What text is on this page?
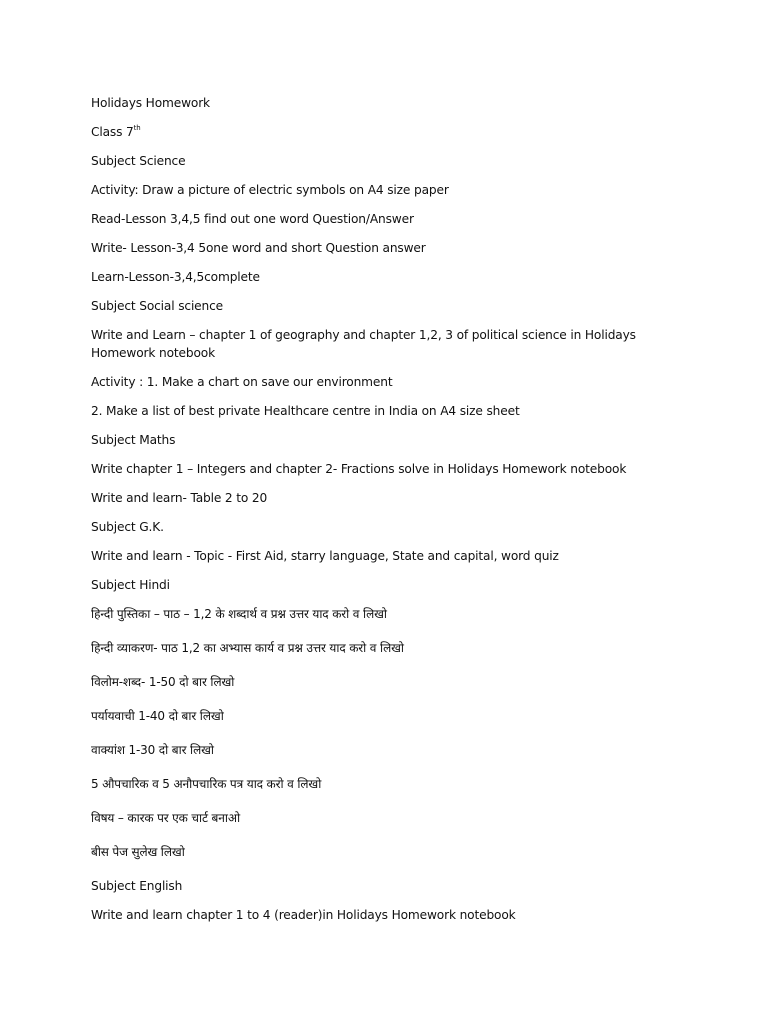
Holidays Homework
Class 7th
Subject Science
Activity: Draw a picture of electric symbols on A4 size paper
Read-Lesson 3,4,5 find out one word Question/Answer
Write- Lesson-3,4 5one word and short Question answer
Learn-Lesson-3,4,5complete
Subject Social science
Write and Learn – chapter 1 of geography and chapter 1,2, 3 of political science in Holidays Homework notebook
Activity : 1. Make a chart on save our environment
2. Make a list of best private Healthcare centre in India on A4 size sheet
Subject Maths
Write chapter 1 – Integers and chapter 2- Fractions solve in Holidays Homework notebook
Write and learn- Table 2 to 20
Subject G.K.
Write and learn - Topic - First Aid, starry language, State and capital, word quiz
Subject Hindi
हिन्दी पुस्तिका – पाठ – 1,2 के शब्दार्थ व प्रश्न उत्तर याद करो व लिखो
हिन्दी व्याकरण- पाठ 1,2 का अभ्यास कार्य व प्रश्न उत्तर याद करो व लिखो
विलोम-शब्द- 1-50 दो बार लिखो
पर्यायवाची 1-40 दो बार लिखो
वाक्यांश 1-30 दो बार लिखो
5 औपचारिक व 5 अनौपचारिक पत्र याद करो व लिखो
विषय – कारक पर एक चार्ट बनाओ
बीस पेज सुलेख लिखो
Subject English
Write and learn chapter 1 to 4 (reader)in Holidays Homework notebook
